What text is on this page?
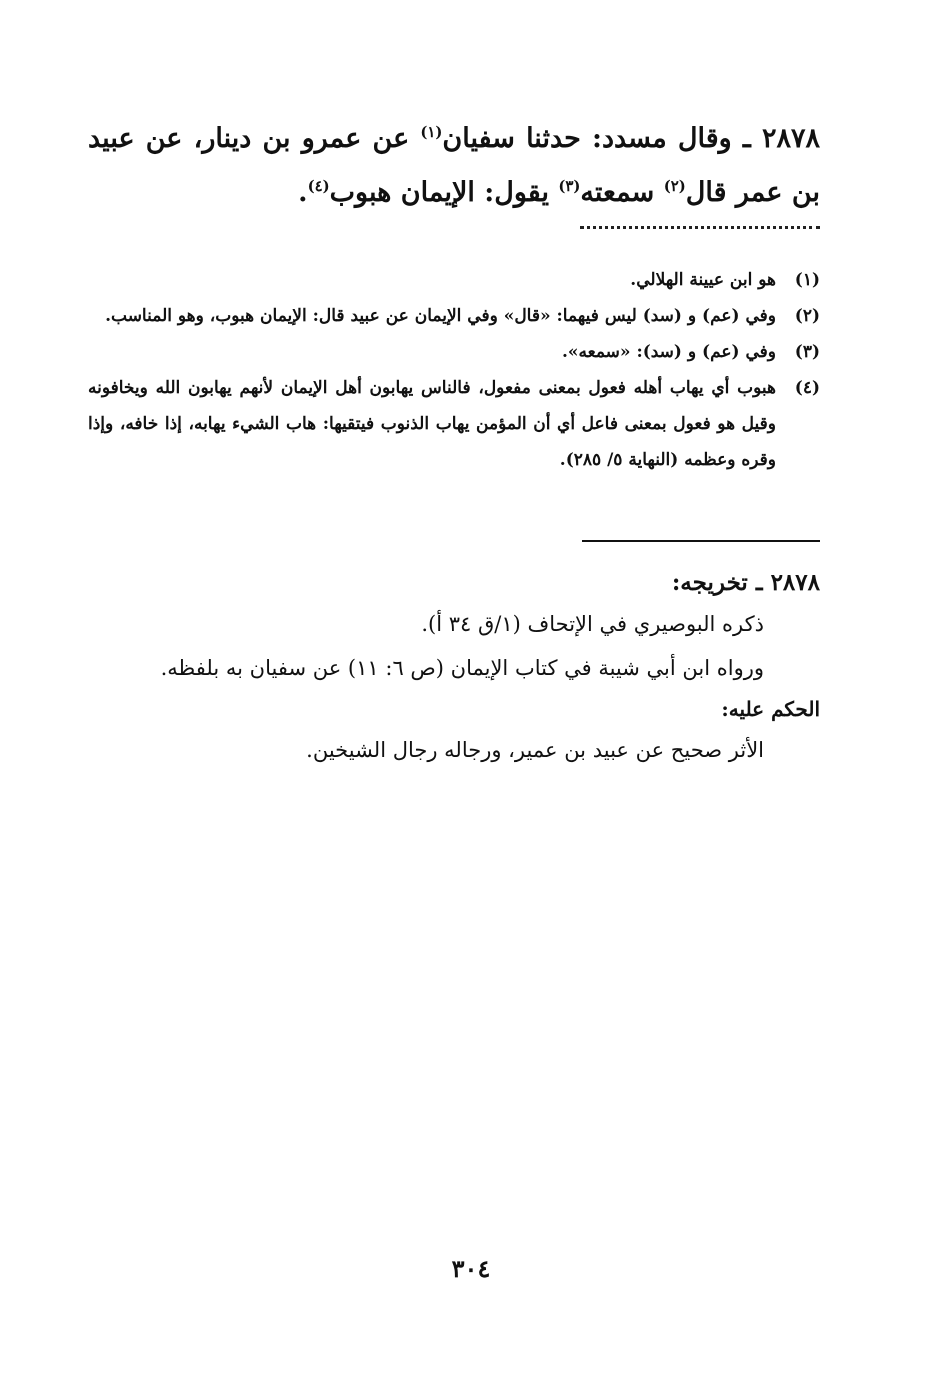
٢٨٧٨ ـ وقال مسدد: حدثنا سفيان$^{(١)}$ عن عمرو بن دينار، عن عبيد بن عمر قال$^{(٢)}$ سمعته$^{(٣)}$ يقول: الإيمان هبوب$^{(٤)}$.
(١)
هو ابن عيينة الهلالي.
(٢)
وفي (عم) و (سد) ليس فيهما: «قال» وفي الإيمان عن عبيد قال: الإيمان هبوب، وهو المناسب.
(٣)
وفي (عم) و (سد): «سمعه».
(٤)
هبوب أي يهاب أهله فعول بمعنى مفعول، فالناس يهابون أهل الإيمان لأنهم يهابون الله ويخافونه وقيل هو فعول بمعنى فاعل أي أن المؤمن يهاب الذنوب فيتقيها: هاب الشيء يهابه، إذا خافه، وإذا وقره وعظمه (النهاية ٥/ ٢٨٥).
٢٨٧٨ ـ تخريجه:
ذكره البوصيري في الإتحاف (١/ق ٣٤ أ).
ورواه ابن أبي شيبة في كتاب الإيمان (ص ٦: ١١) عن سفيان به بلفظه.
الحكم عليه:
الأثر صحيح عن عبيد بن عمير، ورجاله رجال الشيخين.
٣٠٤
